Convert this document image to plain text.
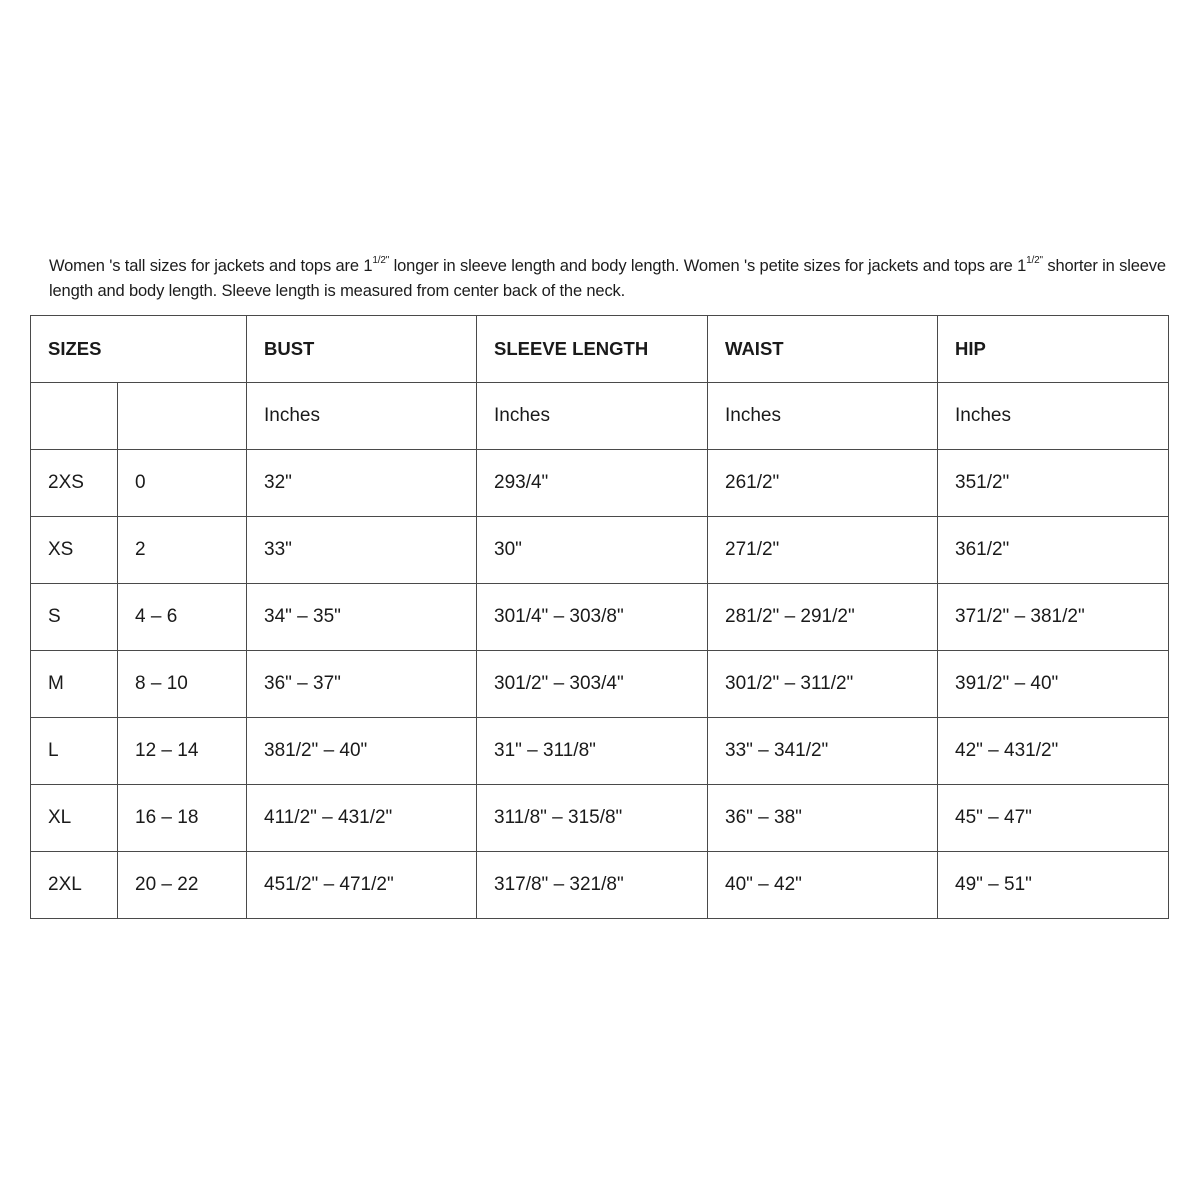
Women 's tall sizes for jackets and tops are $1^{1/2"}$ longer in sleeve length and body length. Women 's petite sizes for jackets and tops are $1^{1/2"}$ shorter in sleeve length and body length. Sleeve length is measured from center back of the neck.
SIZES		BUST	SLEEVE LENGTH	WAIST	HIP
		Inches	Inches	Inches	Inches
2XS	0	32"	293/4"	261/2"	351/2"
XS	2	33"	30"	271/2"	361/2"
S	4 – 6	34" – 35"	301/4" – 303/8"	281/2" – 291/2"	371/2" – 381/2"
M	8 – 10	36" – 37"	301/2" – 303/4"	301/2" – 311/2"	391/2" – 40"
L	12 – 14	381/2" – 40"	31" – 311/8"	33" – 341/2"	42" – 431/2"
XL	16 – 18	411/2" – 431/2"	311/8" – 315/8"	36" – 38"	45" – 47"
2XL	20 – 22	451/2" – 471/2"	317/8" – 321/8"	40" – 42"	49" – 51"
